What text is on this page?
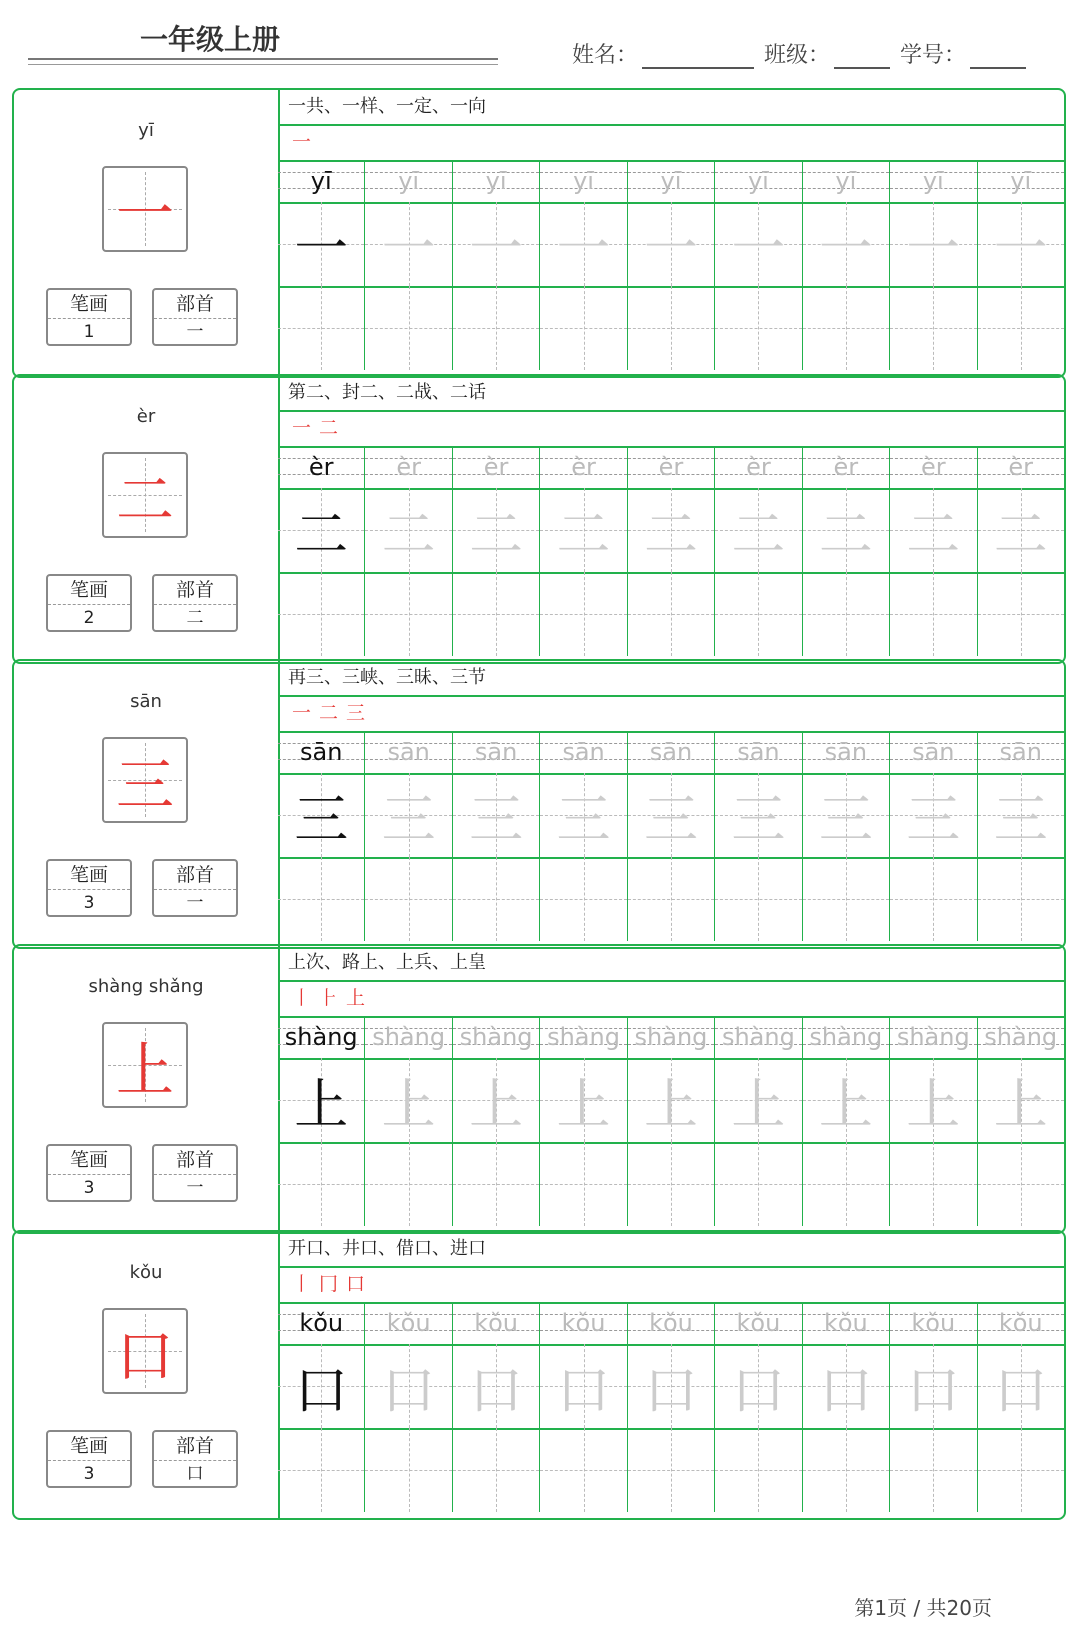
一年级上册	姓名：	班级：	学号：
yī
一
笔画
1
部首
一
一共、一样、一定、一向
一
yī	yī	yī	yī	yī	yī	yī	yī	yī
一 一 一 一 一 一 一 一 一
èr
二
笔画
2
部首
二
第二、封二、二战、二话
一 二
èr	èr	èr	èr	èr	èr	èr	èr	èr
二 二 二 二 二 二 二 二 二
sān
三
笔画
3
部首
一
再三、三峡、三昧、三节
一 二 三
sān sān sān sān sān sān sān sān sān
三 三 三 三 三 三 三 三 三
shàng shǎng
上
笔画
3
部首
一
上次、路上、上兵、上皇
丨 ⺊ 上
shàng shàng shàng shàng shàng shàng shàng shàng shàng
上 上 上 上 上 上 上 上 上
kǒu
口
笔画
3
部首
口
开口、井口、借口、进口
丨 冂 口
kǒu kǒu kǒu kǒu kǒu kǒu kǒu kǒu kǒu
口 口 口 口 口 口 口 口 口
第1页 / 共20页
